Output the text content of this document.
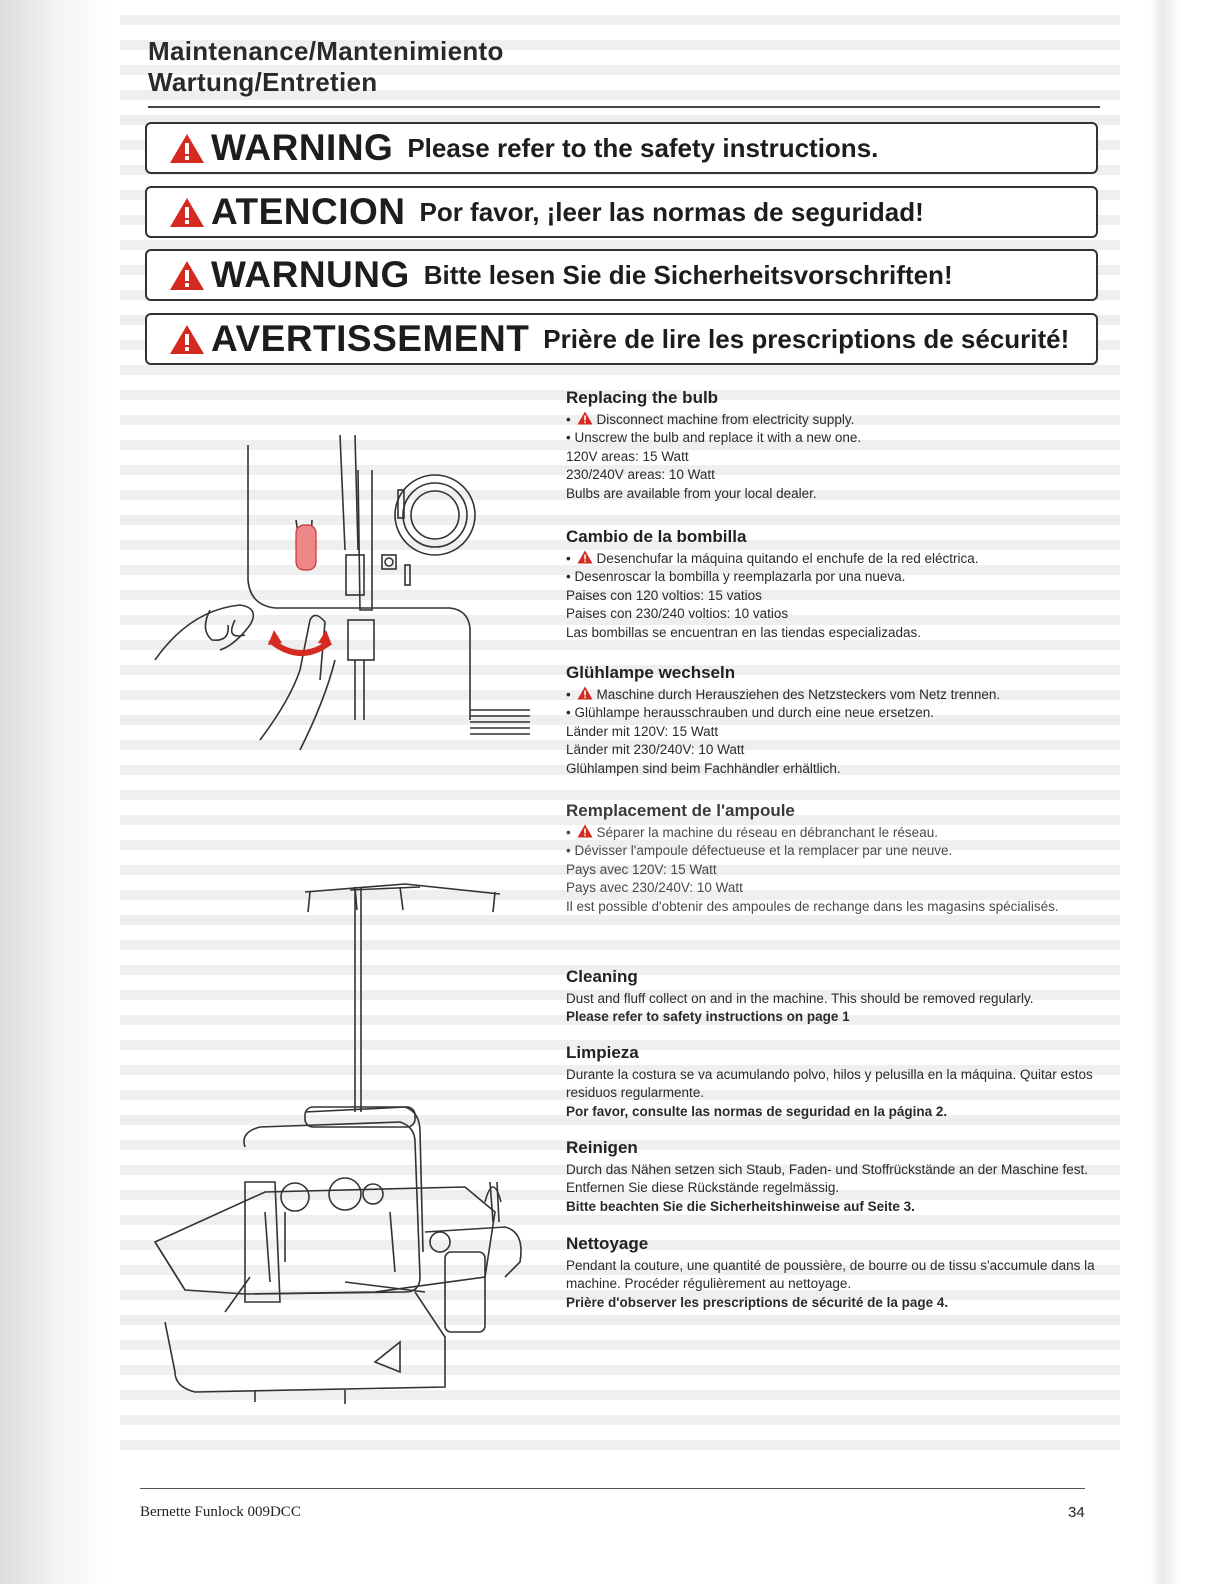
Maintenance/Mantenimiento
Wartung/Entretien
WARNING Please refer to the safety instructions.
ATENCION Por favor, ¡leer las normas de seguridad!
WARNUNG Bitte lesen Sie die Sicherheitsvorschriften!
AVERTISSEMENT Prière de lire les prescriptions de sécurité!
Replacing the bulb

• Disconnect machine from electricity supply.

• Unscrew the bulb and replace it with a new one.

120V areas: 15 Watt

230/240V areas: 10 Watt

Bulbs are available from your local dealer.

Cambio de la bombilla

• Desenchufar la máquina quitando el enchufe de la red eléctrica.

• Desenroscar la bombilla y reemplazarla por una nueva.

Paises con 120 voltios: 15 vatios

Paises con 230/240 voltios: 10 vatios

Las bombillas se encuentran en las tiendas especializadas.

Glühlampe wechseln

• Maschine durch Herausziehen des Netzsteckers vom Netz trennen.

• Glühlampe herausschrauben und durch eine neue ersetzen.

Länder mit 120V: 15 Watt

Länder mit 230/240V: 10 Watt

Glühlampen sind beim Fachhändler erhältlich.

Remplacement de l'ampoule

• Séparer la machine du réseau en débranchant le réseau.

• Dévisser l'ampoule défectueuse et la remplacer par une neuve.

Pays avec 120V: 15 Watt

Pays avec 230/240V: 10 Watt

Il est possible d'obtenir des ampoules de rechange dans les magasins spécialisés.

Cleaning

Dust and fluff collect on and in the machine. This should be removed regularly.

Please refer to safety instructions on page 1

Limpieza

Durante la costura se va acumulando polvo, hilos y pelusilla en la máquina. Quitar estos residuos regularmente.

Por favor, consulte las normas de seguridad en la página 2.

Reinigen

Durch das Nähen setzen sich Staub, Faden- und Stoffrückstände an der Maschine fest. Entfernen Sie diese Rückstände regelmässig.

Bitte beachten Sie die Sicherheitshinweise auf Seite 3.

Nettoyage

Pendant la couture, une quantité de poussière, de bourre ou de tissu s'accumule dans la machine. Procéder régulièrement au nettoyage.

Prière d'observer les prescriptions de sécurité de la page 4.

Bernette Funlock 009DCC	34
